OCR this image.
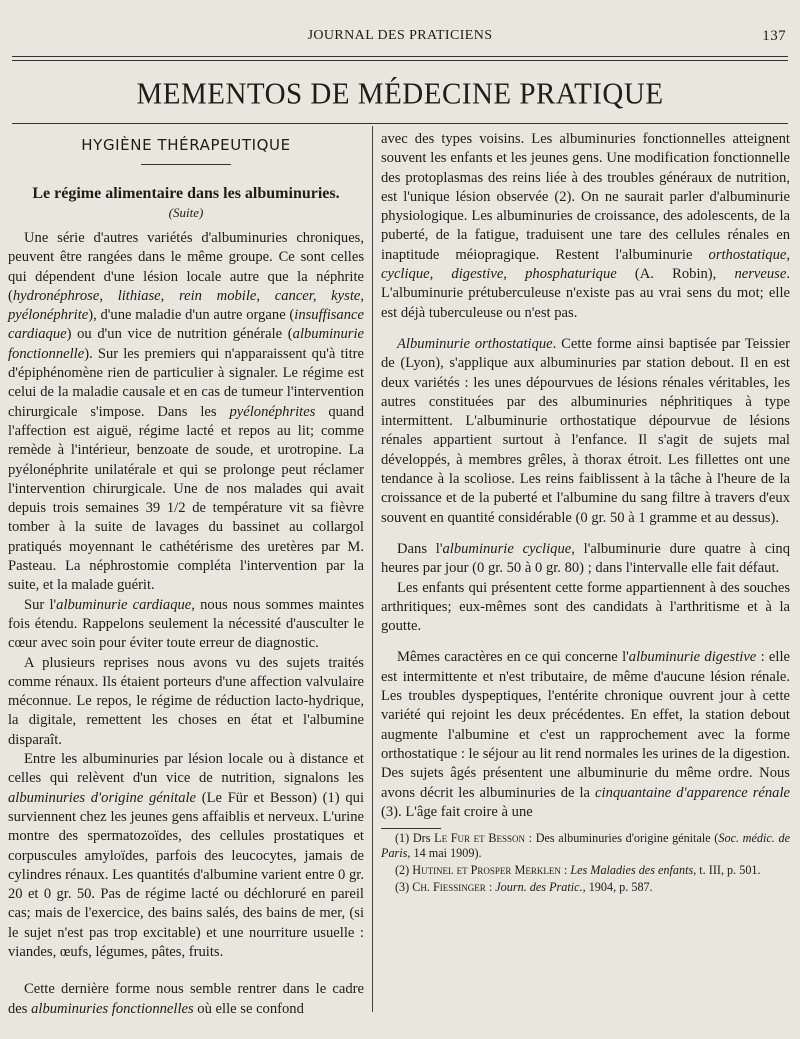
JOURNAL DES PRATICIENS	137
MEMENTOS DE MÉDECINE PRATIQUE
HYGIÈNE THÉRAPEUTIQUE
Le régime alimentaire dans les albuminuries.
(Suite)

Une série d'autres variétés d'albuminuries chroniques, peuvent être rangées dans le même groupe. Ce sont celles qui dépendent d'une lésion locale autre que la néphrite (hydronéphrose, lithiase, rein mobile, cancer, kyste, pyélonéphrite), d'une maladie d'un autre organe (insuffisance cardiaque) ou d'un vice de nutrition générale (albuminurie fonctionnelle). Sur les premiers qui n'apparaissent qu'à titre d'épiphénomène rien de particulier à signaler. Le régime est celui de la maladie causale et en cas de tumeur l'intervention chirurgicale s'impose. Dans les pyélonéphrites quand l'affection est aiguë, régime lacté et repos au lit; comme remède à l'intérieur, benzoate de soude, et urotropine. La pyélonéphrite unilatérale et qui se prolonge peut réclamer l'intervention chirurgicale. Une de nos malades qui avait depuis trois semaines 39 1/2 de température vit sa fièvre tomber à la suite de lavages du bassinet au collargol pratiqués moyennant le cathétérisme des uretères par M. Pasteau. La néphrostomie compléta l'intervention par la suite, et la malade guérit.

Sur l'albuminurie cardiaque, nous nous sommes maintes fois étendu. Rappelons seulement la nécessité d'ausculter le cœur avec soin pour éviter toute erreur de diagnostic.

A plusieurs reprises nous avons vu des sujets traités comme rénaux. Ils étaient porteurs d'une affection valvulaire méconnue. Le repos, le régime de réduction lacto-hydrique, la digitale, remettent les choses en état et l'albumine disparaît.

Entre les albuminuries par lésion locale ou à distance et celles qui relèvent d'un vice de nutrition, signalons les albuminuries d'origine génitale (Le Für et Besson) (1) qui surviennent chez les jeunes gens affaiblis et nerveux. L'urine montre des spermatozoïdes, des cellules prostatiques et corpuscules amyloïdes, parfois des leucocytes, jamais de cylindres rénaux. Les quantités d'albumine varient entre 0 gr. 20 et 0 gr. 50. Pas de régime lacté ou déchloruré en pareil cas; mais de l'exercice, des bains salés, des bains de mer, (si le sujet n'est pas trop excitable) et une nourriture usuelle : viandes, œufs, légumes, pâtes, fruits.

Cette dernière forme nous semble rentrer dans le cadre des albuminuries fonctionnelles où elle se confond

avec des types voisins. Les albuminuries fonctionnelles atteignent souvent les enfants et les jeunes gens. Une modification fonctionnelle des protoplasmas des reins liée à des troubles généraux de nutrition, est l'unique lésion observée (2). On ne saurait parler d'albuminurie physiologique. Les albuminuries de croissance, des adolescents, de la puberté, de la fatigue, traduisent une tare des cellules rénales en inaptitude méiopragique. Restent l'albuminurie orthostatique, cyclique, digestive, phosphaturique (A. Robin), nerveuse. L'albuminurie prétuberculeuse n'existe pas au vrai sens du mot; elle est déjà tuberculeuse ou n'est pas.

Albuminurie orthostatique. Cette forme ainsi baptisée par Teissier de (Lyon), s'applique aux albuminuries par station debout. Il en est deux variétés : les unes dépourvues de lésions rénales véritables, les autres constituées par des albuminuries néphritiques à type intermittent. L'albuminurie orthostatique dépourvue de lésions rénales appartient surtout à l'enfance. Il s'agit de sujets mal développés, à membres grêles, à thorax étroit. Les fillettes ont une tendance à la scoliose. Les reins faiblissent à la tâche à l'heure de la croissance et de la puberté et l'albumine du sang filtre à travers d'eux souvent en quantité considérable (0 gr. 50 à 1 gramme et au dessus).

Dans l'albuminurie cyclique, l'albuminurie dure quatre à cinq heures par jour (0 gr. 50 à 0 gr. 80) ; dans l'intervalle elle fait défaut.

Les enfants qui présentent cette forme appartiennent à des souches arthritiques; eux-mêmes sont des candidats à l'arthritisme et à la goutte.

Mêmes caractères en ce qui concerne l'albuminurie digestive : elle est intermittente et n'est tributaire, de même d'aucune lésion rénale. Les troubles dyspeptiques, l'entérite chronique ouvrent jour à cette variété qui rejoint les deux précédentes. En effet, la station debout augmente l'albumine et c'est un rapprochement avec la forme orthostatique : le séjour au lit rend normales les urines de la digestion. Des sujets âgés présentent une albuminurie du même ordre. Nous avons décrit les albuminuries de la cinquantaine d'apparence rénale (3). L'âge fait croire à une

(1) Drs Le Fur et Besson : Des albuminuries d'origine génitale (Soc. médic. de Paris, 14 mai 1909).
(2) Hutinel et Prosper Merklen : Les Maladies des enfants, t. III, p. 501.
(3) Ch. Fiessinger : Journ. des Pratic., 1904, p. 587.
